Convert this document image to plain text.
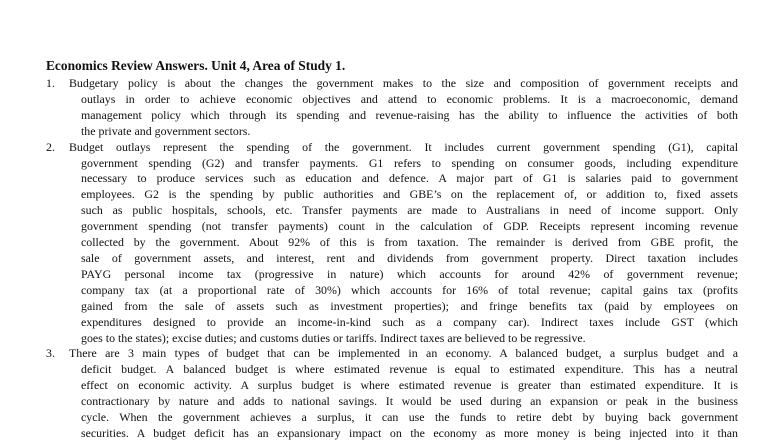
Economics Review Answers. Unit 4, Area of Study 1.
1.	Budgetary policy is about the changes the government makes to the size and composition of government receipts and
outlays in order to achieve economic objectives and attend to economic problems. It is a macroeconomic, demand
management policy which through its spending and revenue-raising has the ability to influence the activities of both
the private and government sectors.
2.	Budget outlays represent the spending of the government. It includes current government spending (G1), capital
government spending (G2) and transfer payments. G1 refers to spending on consumer goods, including expenditure
necessary to produce services such as education and defence. A major part of G1 is salaries paid to government
employees. G2 is the spending by public authorities and GBE’s on the replacement of, or addition to, fixed assets
such as public hospitals, schools, etc. Transfer payments are made to Australians in need of income support. Only
government spending (not transfer payments) count in the calculation of GDP. Receipts represent incoming revenue
collected by the government. About 92% of this is from taxation. The remainder is derived from GBE profit, the
sale of government assets, and interest, rent and dividends from government property. Direct taxation includes
PAYG personal income tax (progressive in nature) which accounts for around 42% of government revenue;
company tax (at a proportional rate of 30%) which accounts for 16% of total revenue; capital gains tax (profits
gained from the sale of assets such as investment properties); and fringe benefits tax (paid by employees on
expenditures designed to provide an income-in-kind such as a company car). Indirect taxes include GST (which
goes to the states); excise duties; and customs duties or tariffs. Indirect taxes are believed to be regressive.
3.	There are 3 main types of budget that can be implemented in an economy. A balanced budget, a surplus budget and a
deficit budget. A balanced budget is where estimated revenue is equal to estimated expenditure. This has a neutral
effect on economic activity. A surplus budget is where estimated revenue is greater than estimated expenditure. It is
contractionary by nature and adds to national savings. It would be used during an expansion or peak in the business
cycle. When the government achieves a surplus, it can use the funds to retire debt by buying back government
securities. A budget deficit has an expansionary impact on the economy as more money is being injected into it than
